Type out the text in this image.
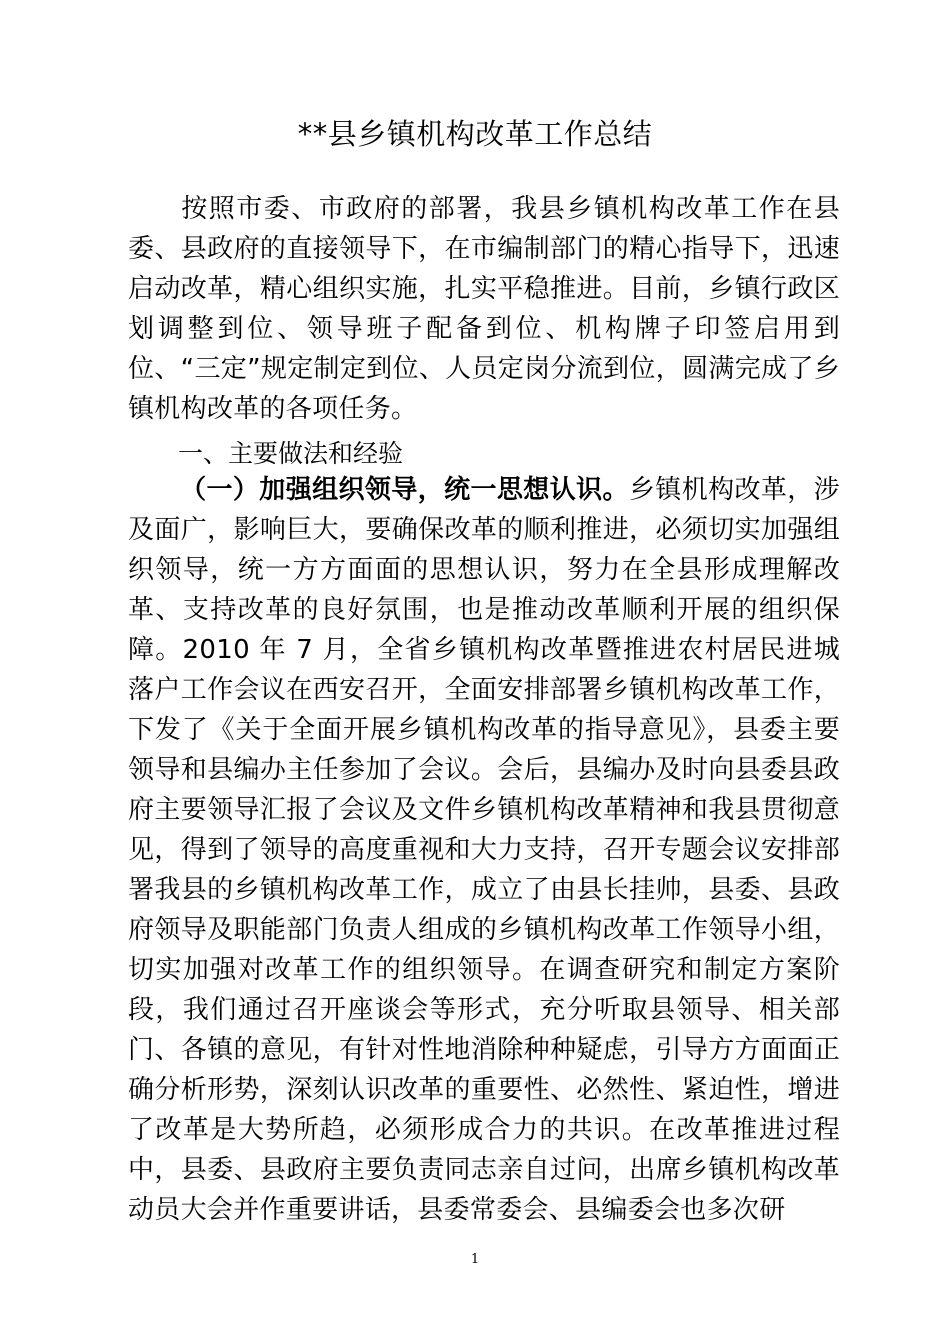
**县乡镇机构改革工作总结

按照市委、市政府的部署，我县乡镇机构改革工作在县委、县政府的直接领导下，在市编制部门的精心指导下，迅速启动改革，精心组织实施，扎实平稳推进。目前，乡镇行政区划调整到位、领导班子配备到位、机构牌子印签启用到位、“三定”规定制定到位、人员定岗分流到位，圆满完成了乡镇机构改革的各项任务。

一、主要做法和经验

（一）加强组织领导，统一思想认识。乡镇机构改革，涉及面广，影响巨大，要确保改革的顺利推进，必须切实加强组织领导，统一方方面面的思想认识，努力在全县形成理解改革、支持改革的良好氛围，也是推动改革顺利开展的组织保障。2010 年 7 月，全省乡镇机构改革暨推进农村居民进城落户工作会议在西安召开，全面安排部署乡镇机构改革工作，下发了《关于全面开展乡镇机构改革的指导意见》，县委主要领导和县编办主任参加了会议。会后，县编办及时向县委县政府主要领导汇报了会议及文件乡镇机构改革精神和我县贯彻意见，得到了领导的高度重视和大力支持，召开专题会议安排部署我县的乡镇机构改革工作，成立了由县长挂帅，县委、县政府领导及职能部门负责人组成的乡镇机构改革工作领导小组，切实加强对改革工作的组织领导。在调查研究和制定方案阶段，我们通过召开座谈会等形式，充分听取县领导、相关部门、各镇的意见，有针对性地消除种种疑虑，引导方方面面正确分析形势，深刻认识改革的重要性、必然性、紧迫性，增进了改革是大势所趋，必须形成合力的共识。在改革推进过程中，县委、县政府主要负责同志亲自过问，出席乡镇机构改革动员大会并作重要讲话，县委常委会、县编委会也多次研

1
